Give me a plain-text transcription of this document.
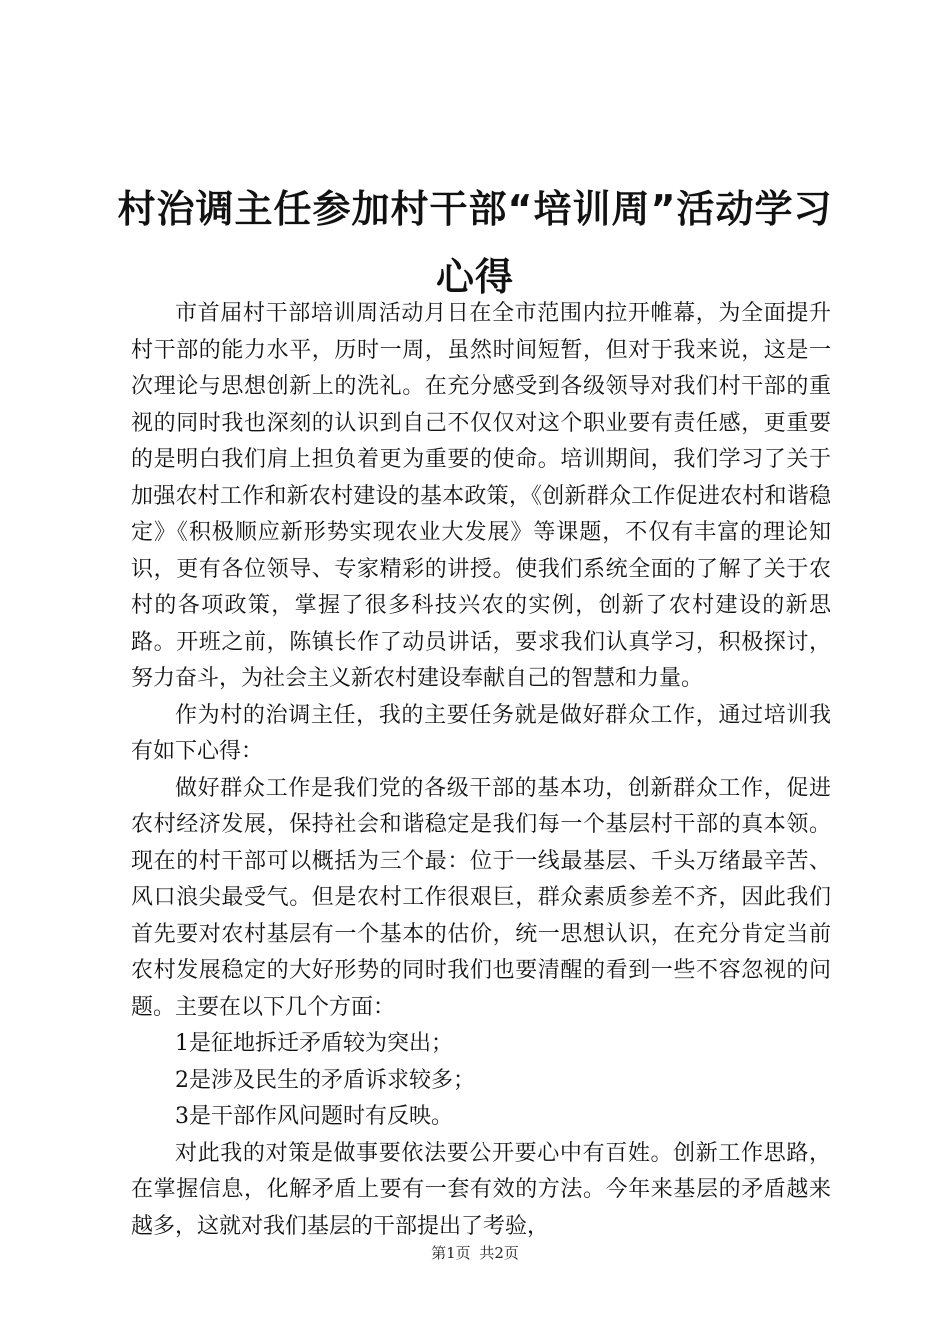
村治调主任参加村干部“培训周”活动学习心得

市首届村干部培训周活动月日在全市范围内拉开帷幕，为全面提升村干部的能力水平，历时一周，虽然时间短暂，但对于我来说，这是一次理论与思想创新上的洗礼。在充分感受到各级领导对我们村干部的重视的同时我也深刻的认识到自己不仅仅对这个职业要有责任感，更重要的是明白我们肩上担负着更为重要的使命。培训期间，我们学习了关于加强农村工作和新农村建设的基本政策，《创新群众工作促进农村和谐稳定》《积极顺应新形势实现农业大发展》等课题，不仅有丰富的理论知识，更有各位领导、专家精彩的讲授。使我们系统全面的了解了关于农村的各项政策，掌握了很多科技兴农的实例，创新了农村建设的新思路。开班之前，陈镇长作了动员讲话，要求我们认真学习，积极探讨，努力奋斗，为社会主义新农村建设奉献自己的智慧和力量。

作为村的治调主任，我的主要任务就是做好群众工作，通过培训我有如下心得：

做好群众工作是我们党的各级干部的基本功，创新群众工作，促进农村经济发展，保持社会和谐稳定是我们每一个基层村干部的真本领。现在的村干部可以概括为三个最：位于一线最基层、千头万绪最辛苦、风口浪尖最受气。但是农村工作很艰巨，群众素质参差不齐，因此我们首先要对农村基层有一个基本的估价，统一思想认识，在充分肯定当前农村发展稳定的大好形势的同时我们也要清醒的看到一些不容忽视的问题。主要在以下几个方面：

1是征地拆迁矛盾较为突出；

2是涉及民生的矛盾诉求较多；

3是干部作风问题时有反映。

对此我的对策是做事要依法要公开要心中有百姓。创新工作思路，在掌握信息，化解矛盾上要有一套有效的方法。今年来基层的矛盾越来越多，这就对我们基层的干部提出了考验，

第1页 共2页
